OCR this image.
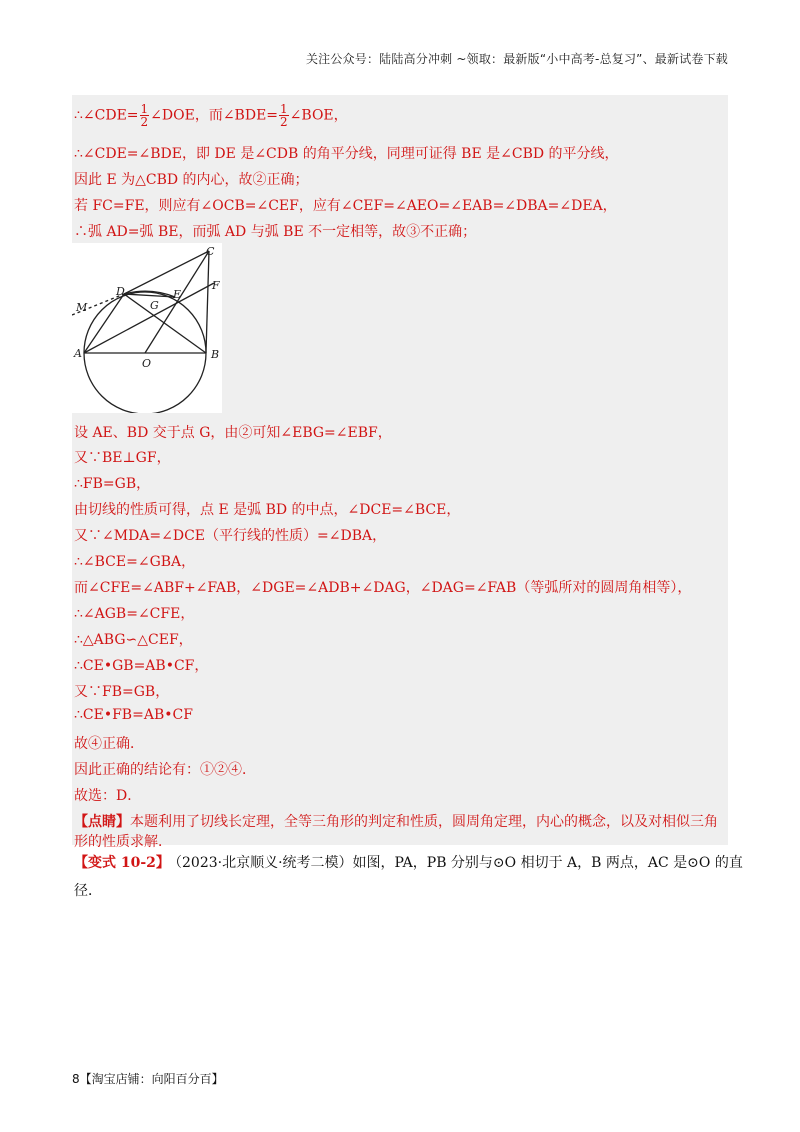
关注公众号：陆陆高分冲刺 ~领取：最新版“小中高考-总复习”、最新试卷下载
∴∠CDE= $\frac{1}{2}$ ∠DOE，而∠BDE= $\frac{1}{2}$ ∠BOE，
∴∠CDE=∠BDE，即 DE 是∠CDB 的角平分线，同理可证得 BE 是∠CBD 的平分线，
因此 E 为△CBD 的内心，故②正确；
若 FC=FE，则应有∠OCB=∠CEF，应有∠CEF=∠AEO=∠EAB=∠DBA=∠DEA，
∴弧 AD=弧 BE，而弧 AD 与弧 BE 不一定相等，故③不正确；
C
D	E
F
G
M
A
O
B
设 AE、BD 交于点 G，由②可知∠EBG=∠EBF，
又∵BE⊥GF，
∴FB=GB，
由切线的性质可得，点 E 是弧 BD 的中点，∠DCE=∠BCE，
又∵∠MDA=∠DCE（平行线的性质）=∠DBA，
∴∠BCE=∠GBA，
而∠CFE=∠ABF+∠FAB，∠DGE=∠ADB+∠DAG，∠DAG=∠FAB（等弧所对的圆周角相等），
∴∠AGB=∠CFE，
∴△ABG∽△CEF，
∴CE•GB=AB•CF，
又∵FB=GB，
∴CE•FB=AB•CF
故④正确．
因此正确的结论有：①②④．
故选：D．
【点睛】本题利用了切线长定理，全等三角形的判定和性质，圆周角定理，内心的概念，以及对相似三角
形的性质求解．
【变式 10-2】
（2023·北京顺义·统考二模）如图，PA，PB 分别与⊙O 相切于 A，B 两点，AC 是⊙O 的直
径．
8【淘宝店铺：向阳百分百】
